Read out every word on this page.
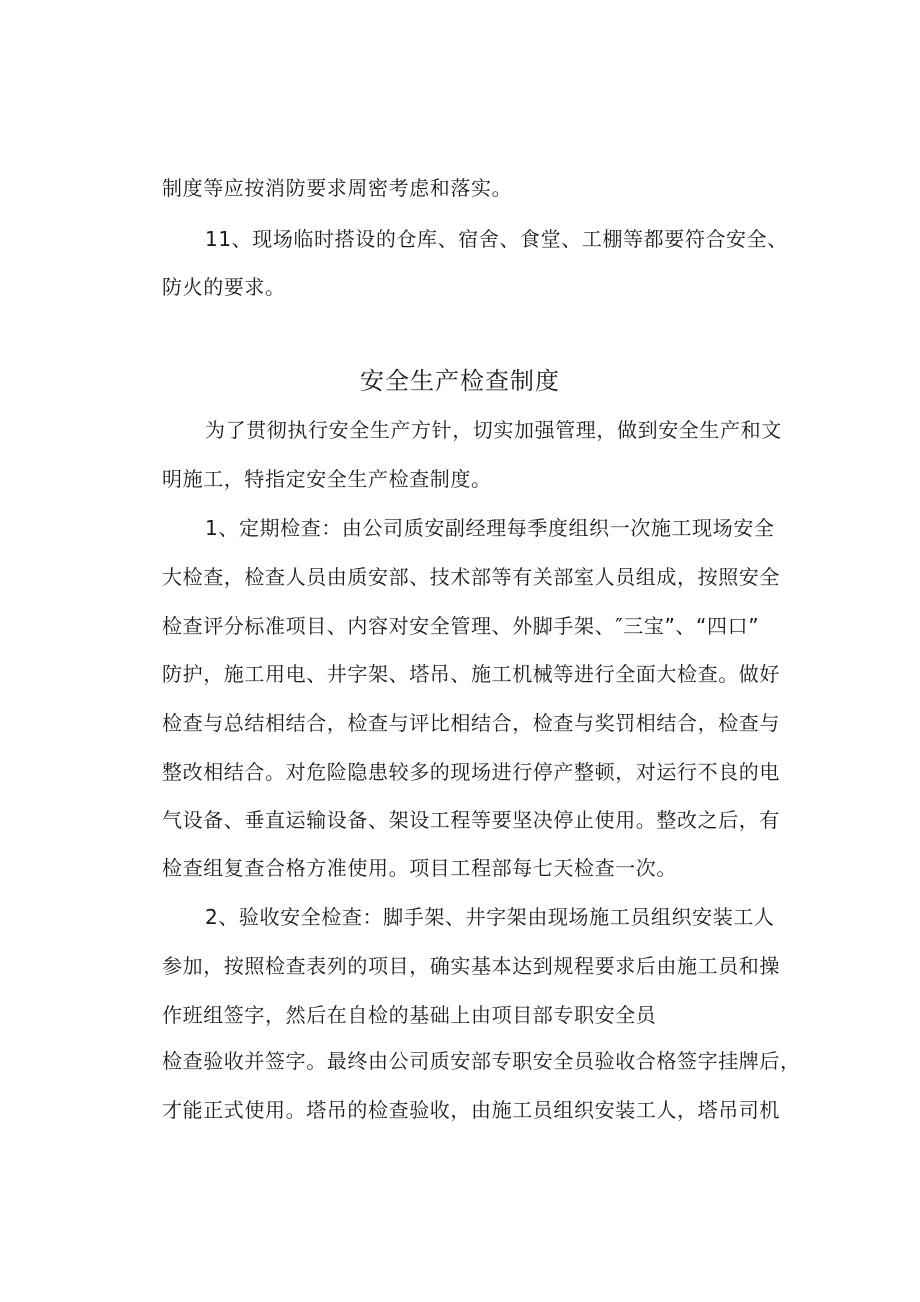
制度等应按消防要求周密考虑和落实。
11、现场临时搭设的仓库、宿舍、食堂、工棚等都要符合安全、
防火的要求。
安全生产检查制度
为了贯彻执行安全生产方针，切实加强管理，做到安全生产和文
明施工，特指定安全生产检查制度。
1、定期检查：由公司质安副经理每季度组织一次施工现场安全
大检查，检查人员由质安部、技术部等有关部室人员组成，按照安全
检查评分标准项目、内容对安全管理、外脚手架、″三宝”、“四口”
防护，施工用电、井字架、塔吊、施工机械等进行全面大检查。做好
检查与总结相结合，检查与评比相结合，检查与奖罚相结合，检查与
整改相结合。对危险隐患较多的现场进行停产整顿，对运行不良的电
气设备、垂直运输设备、架设工程等要坚决停止使用。整改之后，有
检查组复查合格方准使用。项目工程部每七天检查一次。
2、验收安全检查：脚手架、井字架由现场施工员组织安装工人
参加，按照检查表列的项目，确实基本达到规程要求后由施工员和操
作班组签字，然后在自检的基础上由项目部专职安全员
检查验收并签字。最终由公司质安部专职安全员验收合格签字挂牌后，
才能正式使用。塔吊的检查验收，由施工员组织安装工人，塔吊司机
